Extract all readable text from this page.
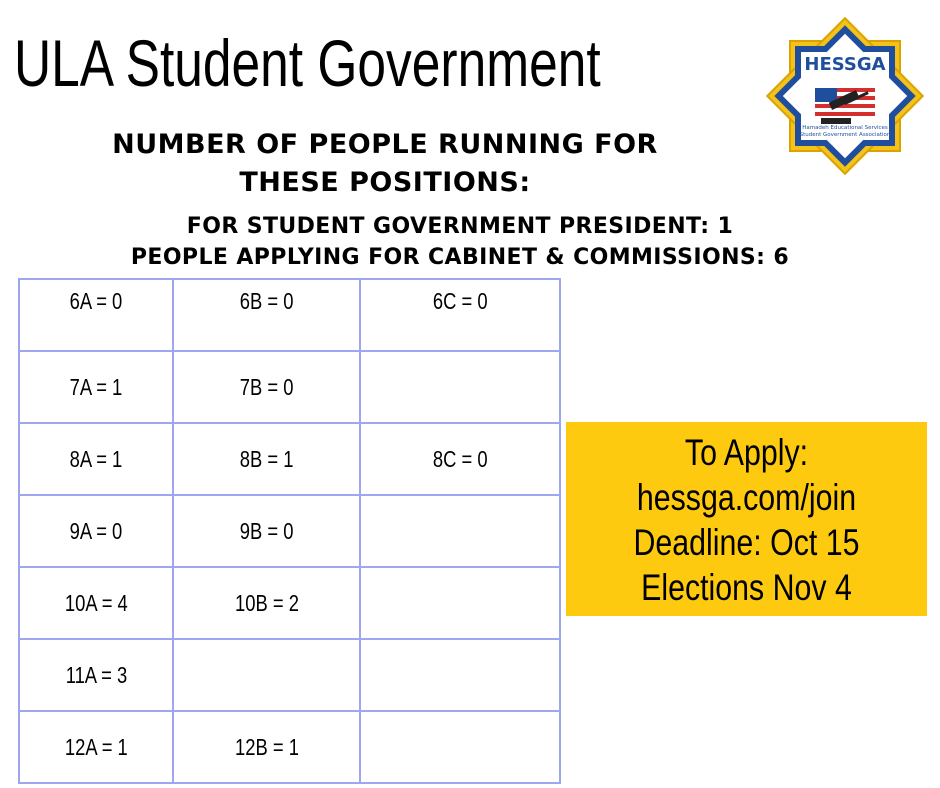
ULA Student Government
NUMBER OF PEOPLE RUNNING FOR
THESE POSITIONS:
FOR STUDENT GOVERNMENT PRESIDENT: 1
PEOPLE APPLYING FOR CABINET & COMMISSIONS: 6
6A = 0	6B = 0	6C = 0
7A = 1	7B = 0	
8A = 1	8B = 1	8C = 0
9A = 0	9B = 0	
10A = 4	10B = 2	
11A = 3		
12A = 1	12B = 1	
To Apply:
hessga.com/join
Deadline: Oct 15
Elections Nov 4
HESSGA
Hamadeh Educational Services
Student Government Association
